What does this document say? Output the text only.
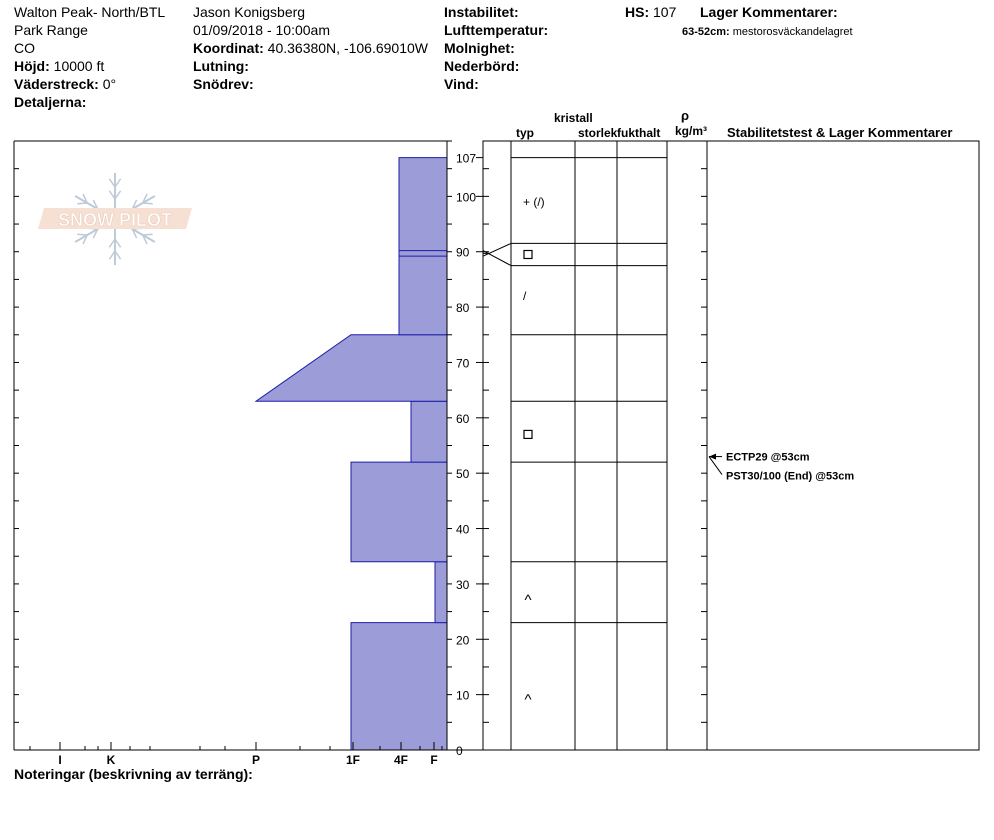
Walton Peak- North/BTL
Park Range
CO
Höjd: 10000 ft
Väderstreck: 0°
Detaljerna:
Jason Konigsberg
01/09/2018 - 10:00am
Koordinat: 40.36380N, -106.69010W
Lutning:
Snödrev:
Instabilitet:
Lufttemperatur:
Molnighet:
Nederbörd:
Vind:
HS: 107 Lager Kommentarer:
63-52cm: mestorosväckandelagret
kristall
typ	storlek fukthalt
ρ
kg/m³ Stabilitetstest & Lager Kommentarer
Noteringar (beskrivning av terräng):
SNOW PILOT
0
10
20
30
40
50
60
70
80
90
100
107
I	K	P	1F	4F F
^
^
/
+ (/)
ECTP29 @53cm
PST30/100 (End) @53cm
